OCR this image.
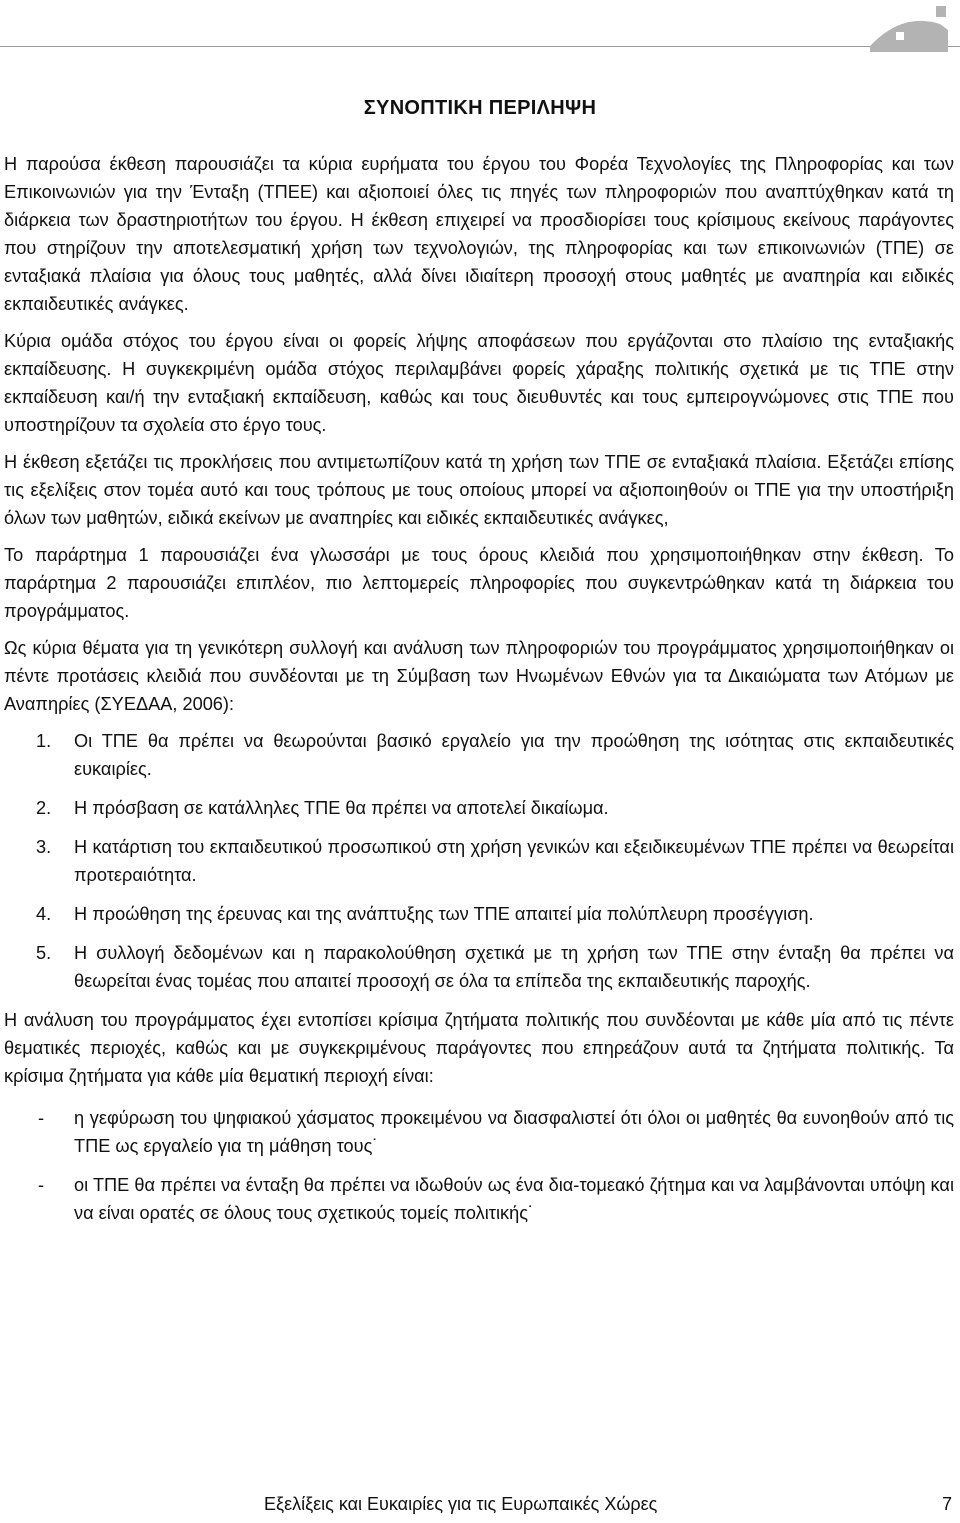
ΣΥΝΟΠΤΙΚΗ ΠΕΡΙΛΗΨΗ

Η παρούσα έκθεση παρουσιάζει τα κύρια ευρήματα του έργου του Φορέα Τεχνολογίες της Πληροφορίας και των Επικοινωνιών για την Ένταξη (ΤΠΕΕ) και αξιοποιεί όλες τις πηγές των πληροφοριών που αναπτύχθηκαν κατά τη διάρκεια των δραστηριοτήτων του έργου. Η έκθεση επιχειρεί να προσδιορίσει τους κρίσιμους εκείνους παράγοντες που στηρίζουν την αποτελεσματική χρήση των τεχνολογιών, της πληροφορίας και των επικοινωνιών (ΤΠΕ) σε ενταξιακά πλαίσια για όλους τους μαθητές, αλλά δίνει ιδιαίτερη προσοχή στους μαθητές με αναπηρία και ειδικές εκπαιδευτικές ανάγκες.

Κύρια ομάδα στόχος του έργου είναι οι φορείς λήψης αποφάσεων που εργάζονται στο πλαίσιο της ενταξιακής εκπαίδευσης. Η συγκεκριμένη ομάδα στόχος περιλαμβάνει φορείς χάραξης πολιτικής σχετικά με τις ΤΠΕ στην εκπαίδευση και/ή την ενταξιακή εκπαίδευση, καθώς και τους διευθυντές και τους εμπειρογνώμονες στις ΤΠΕ που υποστηρίζουν τα σχολεία στο έργο τους.

Η έκθεση εξετάζει τις προκλήσεις που αντιμετωπίζουν κατά τη χρήση των ΤΠΕ σε ενταξιακά πλαίσια. Εξετάζει επίσης τις εξελίξεις στον τομέα αυτό και τους τρόπους με τους οποίους μπορεί να αξιοποιηθούν οι ΤΠΕ για την υποστήριξη όλων των μαθητών, ειδικά εκείνων με αναπηρίες και ειδικές εκπαιδευτικές ανάγκες,

Το παράρτημα 1 παρουσιάζει ένα γλωσσάρι με τους όρους κλειδιά που χρησιμοποιήθηκαν στην έκθεση. Το παράρτημα 2 παρουσιάζει επιπλέον, πιο λεπτομερείς πληροφορίες που συγκεντρώθηκαν κατά τη διάρκεια του προγράμματος.

Ως κύρια θέματα για τη γενικότερη συλλογή και ανάλυση των πληροφοριών του προγράμματος χρησιμοποιήθηκαν οι πέντε προτάσεις κλειδιά που συνδέονται με τη Σύμβαση των Ηνωμένων Εθνών για τα Δικαιώματα των Ατόμων με Αναπηρίες (ΣΥΕΔΑΑ, 2006):

1. Οι ΤΠΕ θα πρέπει να θεωρούνται βασικό εργαλείο για την προώθηση της ισότητας στις εκπαιδευτικές ευκαιρίες.
2. Η πρόσβαση σε κατάλληλες ΤΠΕ θα πρέπει να αποτελεί δικαίωμα.
3. Η κατάρτιση του εκπαιδευτικού προσωπικού στη χρήση γενικών και εξειδικευμένων ΤΠΕ πρέπει να θεωρείται προτεραιότητα.
4. Η προώθηση της έρευνας και της ανάπτυξης των ΤΠΕ απαιτεί μία πολύπλευρη προσέγγιση.
5. Η συλλογή δεδομένων και η παρακολούθηση σχετικά με τη χρήση των ΤΠΕ στην ένταξη θα πρέπει να θεωρείται ένας τομέας που απαιτεί προσοχή σε όλα τα επίπεδα της εκπαιδευτικής παροχής.

Η ανάλυση του προγράμματος έχει εντοπίσει κρίσιμα ζητήματα πολιτικής που συνδέονται με κάθε μία από τις πέντε θεματικές περιοχές, καθώς και με συγκεκριμένους παράγοντες που επηρεάζουν αυτά τα ζητήματα πολιτικής. Τα κρίσιμα ζητήματα για κάθε μία θεματική περιοχή είναι:

- η γεφύρωση του ψηφιακού χάσματος προκειμένου να διασφαλιστεί ότι όλοι οι μαθητές θα ευνοηθούν από τις ΤΠΕ ως εργαλείο για τη μάθηση τους˙
- οι ΤΠΕ θα πρέπει να ένταξη θα πρέπει να ιδωθούν ως ένα δια-τομεακό ζήτημα και να λαμβάνονται υπόψη και να είναι ορατές σε όλους τους σχετικούς τομείς πολιτικής˙
Εξελίξεις και Ευκαιρίες για τις Ευρωπαικές Χώρες	7
